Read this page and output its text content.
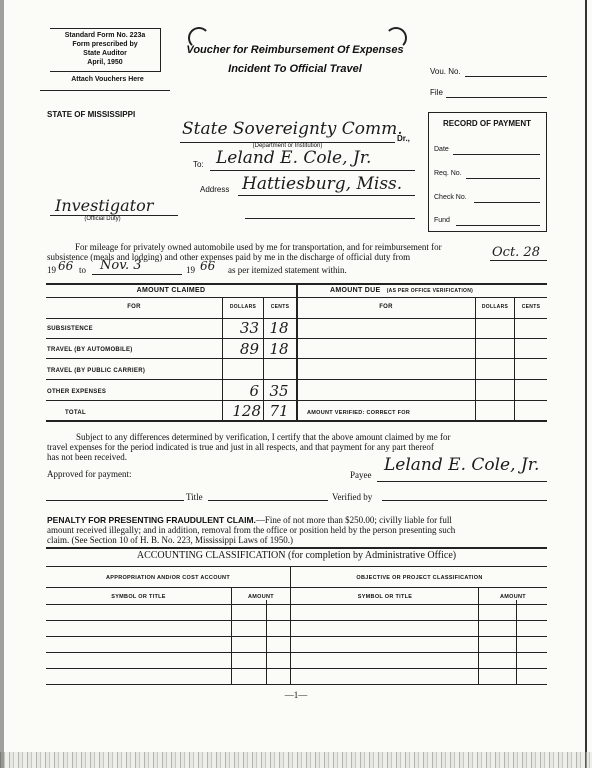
Standard Form No. 223a
Form prescribed by
State Auditor
April, 1950
Attach Vouchers Here
Voucher for Reimbursement Of Expenses
Incident To Official Travel	Vou. No.
File
STATE OF MISSISSIPPI
State Sovereignty Comm.
Dr.,
(Department or Institution)
To: Leland E. Cole, Jr.
Address Hattiesburg, Miss.
Investigator
(Official Duty)
RECORD OF PAYMENT
Date
Req. No.
Check No.
Fund
For mileage for privately owned automobile used by me for transportation, and for reimbursement for
subsistence (meals and lodging) and other expenses paid by me in the discharge of official duty from	Oct. 28
19 66 to Nov. 3	19 66 as per itemized statement within.
AMOUNT CLAIMED	AMOUNT DUE (AS PER OFFICE VERIFICATION)
FOR	DOLLARS	CENTS	FOR	DOLLARS	CENTS
SUBSISTENCE	33 18
TRAVEL (BY AUTOMOBILE)	89 18
TRAVEL (BY PUBLIC CARRIER)
OTHER EXPENSES	6 35
TOTAL	128 71	AMOUNT VERIFIED: CORRECT FOR
Subject to any differences determined by verification, I certify that the above amount claimed by me for
travel expenses for the period indicated is true and just in all respects, and that payment for any part thereof
has not been received.
Approved for payment:	Payee Leland E. Cole, Jr.
Title	Verified by
PENALTY FOR PRESENTING FRAUDULENT CLAIM.—Fine of not more than $250.00; civilly liable for full
amount received illegally; and in addition, removal from the office or position held by the person presenting such
claim. (See Section 10 of H. B. No. 223, Mississippi Laws of 1950.)
ACCOUNTING CLASSIFICATION (for completion by Administrative Office)
APPROPRIATION AND/OR COST ACCOUNT	OBJECTIVE OR PROJECT CLASSIFICATION
SYMBOL OR TITLE	AMOUNT	SYMBOL OR TITLE	AMOUNT
—1—
